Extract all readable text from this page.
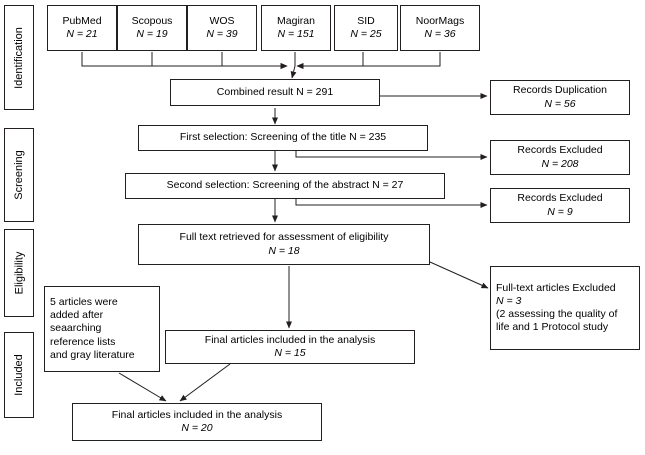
Identification
Screening
Eligibility
Included
PubMed
N = 21
Scopous
N = 19
WOS
N = 39
Magiran
N = 151
SID
N = 25
NoorMags
N = 36
Combined result N = 291	Records Duplication
N = 56
First selection: Screening of the title N = 235
Records Excluded
N = 208
Second selection: Screening of the abstract N = 27
Records Excluded
N = 9
Full text retrieved for assessment of eligibility
N = 18
Full-text articles Excluded
N = 3
(2 assessing the quality of
life and 1 Protocol study
5 articles were
added after
seaarching
reference lists
and gray literature
Final articles included in the analysis
N = 15
Final articles included in the analysis
N = 20
